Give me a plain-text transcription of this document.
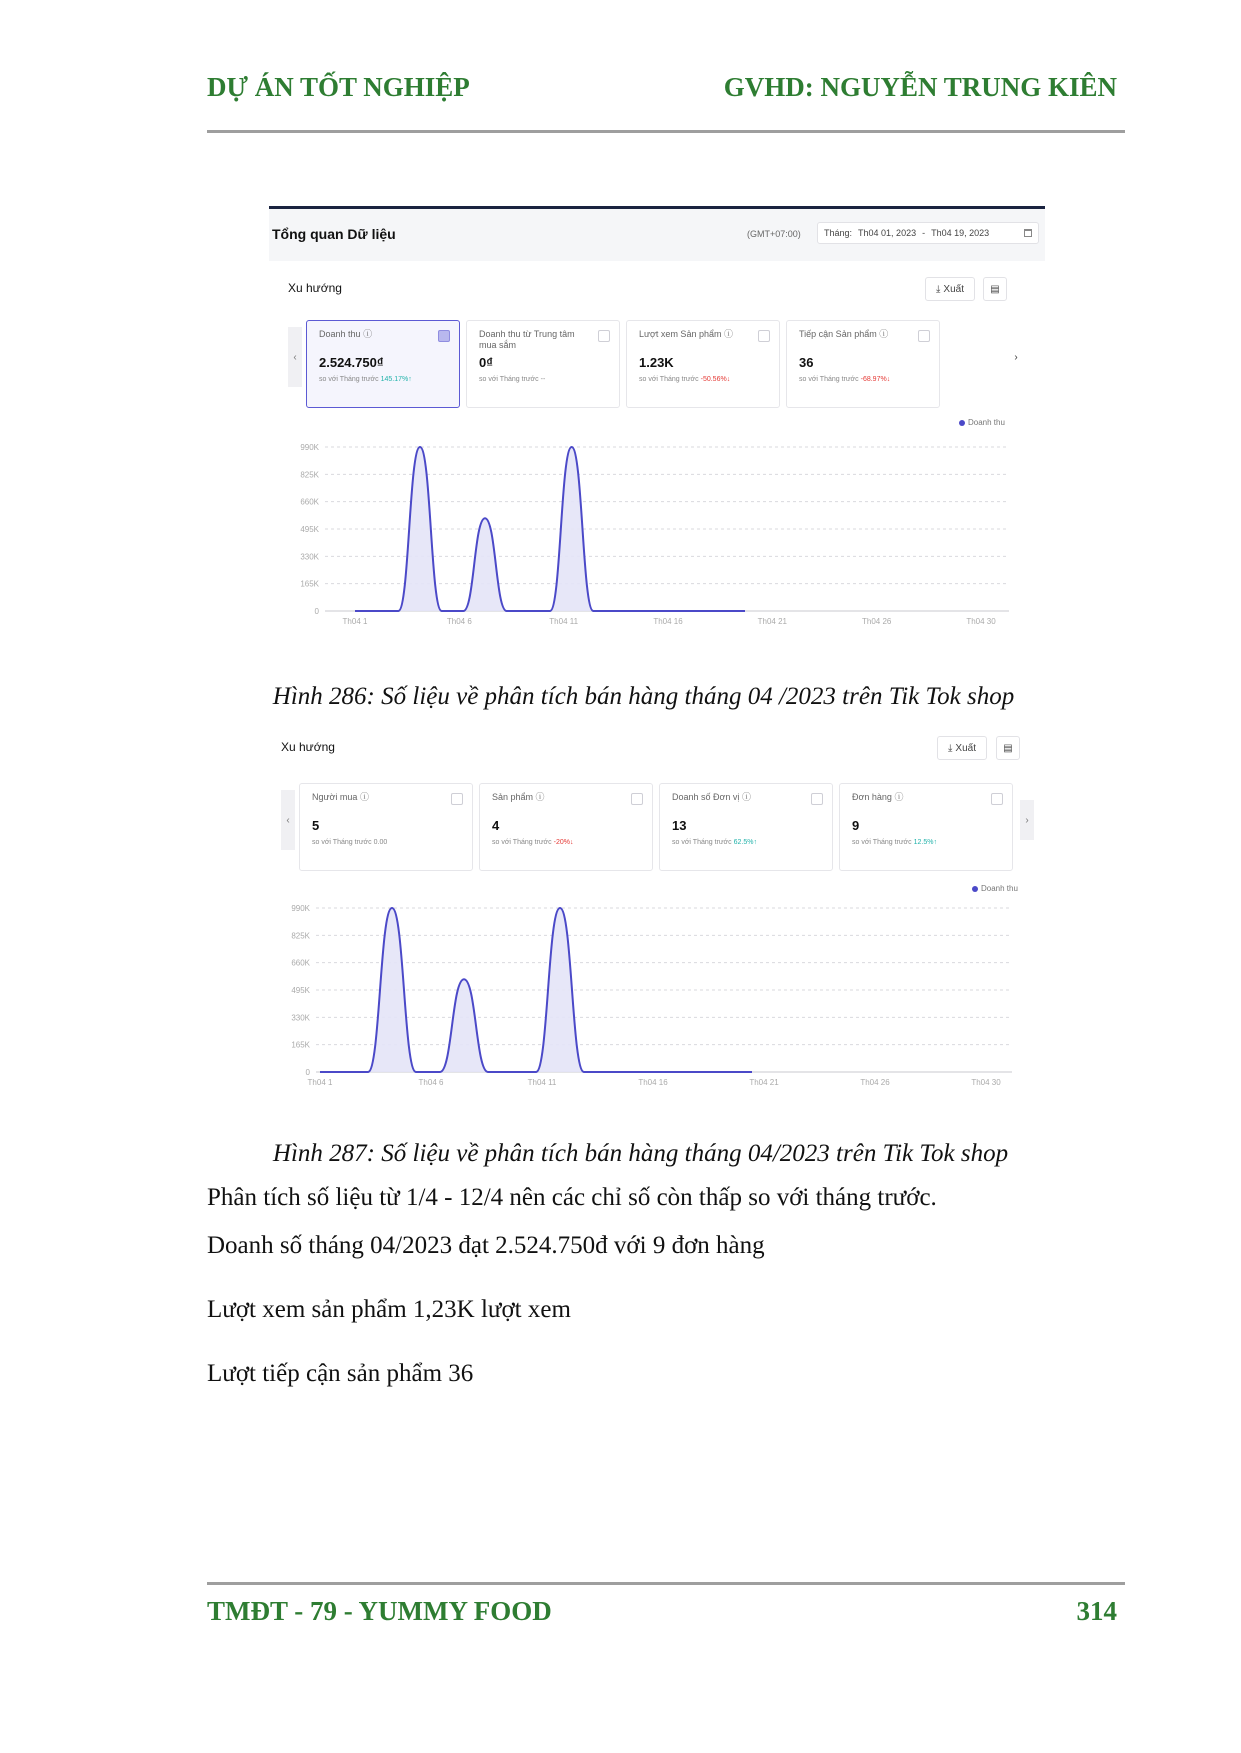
DỰ ÁN TỐT NGHIỆP	GVHD: NGUYỄN TRUNG KIÊN
Tổng quan Dữ liệu	(GMT+07:00)	Tháng: Th04 01, 2023 - Th04 19, 2023
Xu hướng	⤓ Xuất	▤
‹
Doanh thu ⓘ
2.524.750₫
so với Tháng trước 145.17%↑
Doanh thu từ Trung tâm mua sắm
0₫
so với Tháng trước --
Lượt xem Sản phẩm ⓘ
1.23K
so với Tháng trước -50.56%↓
Tiếp cận Sản phẩm ⓘ
36
so với Tháng trước -68.97%↓
›
Doanh thu
990K
825K
660K
495K
330K
165K
0
Th04 1	Th04 6	Th04 11	Th04 16	Th04 21	Th04 26	Th04 30
Hình 286: Số liệu về phân tích bán hàng tháng 04 /2023 trên Tik Tok shop
Xu hướng	⤓ Xuất	▤
‹
Người mua ⓘ
5
so với Tháng trước 0.00
Sản phẩm ⓘ
4
so với Tháng trước -20%↓
Doanh số Đơn vị ⓘ
13
so với Tháng trước 62.5%↑
Đơn hàng ⓘ
9
so với Tháng trước 12.5%↑
›
Doanh thu
990K
825K
660K
495K
330K
165K
0
Th04 1	Th04 6	Th04 11	Th04 16	Th04 21	Th04 26	Th04 30
Hình 287: Số liệu về phân tích bán hàng tháng 04/2023 trên Tik Tok shop
Phân tích số liệu từ 1/4 - 12/4 nên các chỉ số còn thấp so với tháng trước.
Doanh số tháng 04/2023 đạt 2.524.750đ với 9 đơn hàng
Lượt xem sản phẩm 1,23K lượt xem
Lượt tiếp cận sản phẩm 36
TMĐT - 79 - YUMMY FOOD	314
